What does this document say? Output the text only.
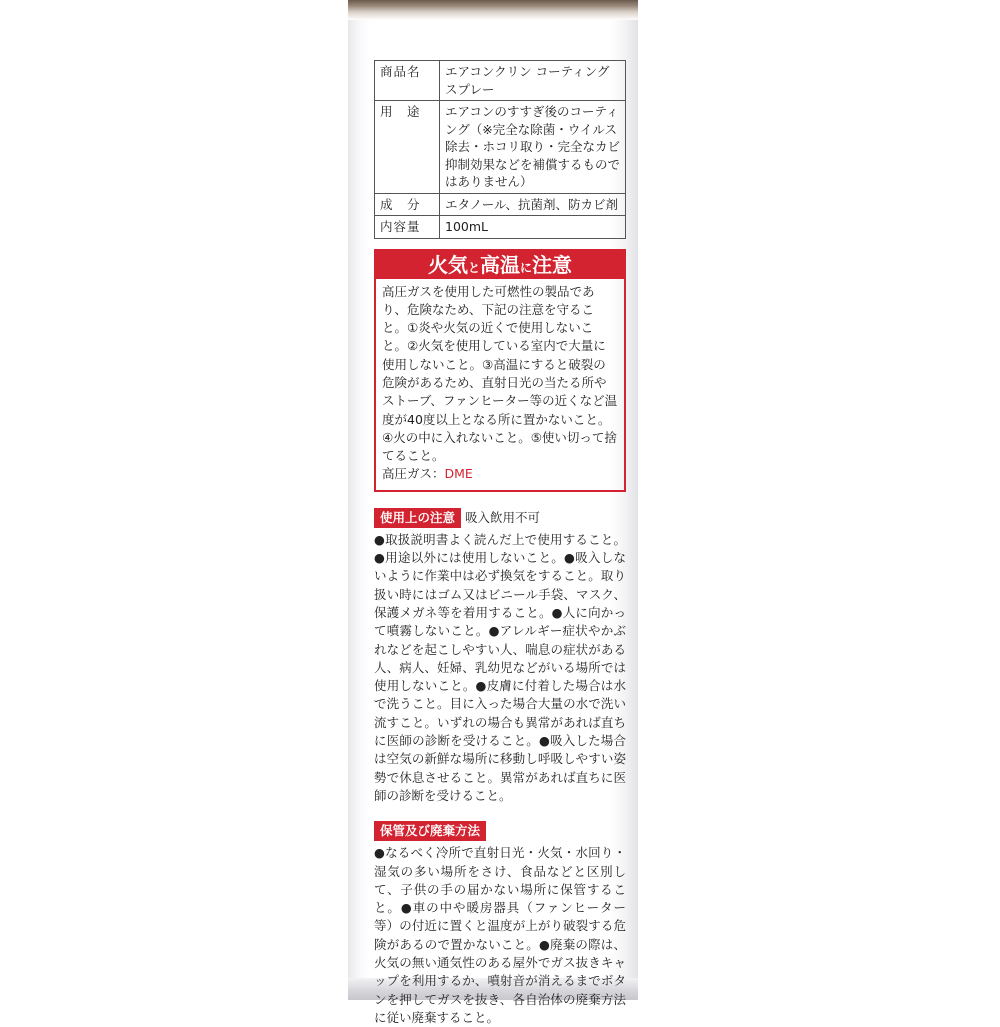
商品名	エアコンクリン コーティングスプレー
用　途	エアコンのすすぎ後のコーティング（※完全な除菌・ウイルス除去・ホコリ取り・完全なカビ抑制効果などを補償するものではありません）
成　分	エタノール、抗菌剤、防カビ剤
内容量	100mL
火気と高温に注意
高圧ガスを使用した可燃性の製品であり、危険なため、下記の注意を守ること。①炎や火気の近くで使用しないこと。②火気を使用している室内で大量に使用しないこと。③高温にすると破裂の危険があるため、直射日光の当たる所やストーブ、ファンヒーター等の近くなど温度が40度以上となる所に置かないこと。④火の中に入れないこと。⑤使い切って捨てること。
高圧ガス：DME
使用上の注意 吸入飲用不可
●取扱説明書よく読んだ上で使用すること。●用途以外には使用しないこと。●吸入しないように作業中は必ず換気をすること。取り扱い時にはゴム又はビニール手袋、マスク、保護メガネ等を着用すること。●人に向かって噴霧しないこと。●アレルギー症状やかぶれなどを起こしやすい人、喘息の症状がある人、病人、妊婦、乳幼児などがいる場所では使用しないこと。●皮膚に付着した場合は水で洗うこと。目に入った場合大量の水で洗い流すこと。いずれの場合も異常があれば直ちに医師の診断を受けること。●吸入した場合は空気の新鮮な場所に移動し呼吸しやすい姿勢で休息させること。異常があれば直ちに医師の診断を受けること。
保管及び廃棄方法
●なるべく冷所で直射日光・火気・水回り・湿気の多い場所をさけ、食品などと区別して、子供の手の届かない場所に保管すること。●車の中や暖房器具（ファンヒーター等）の付近に置くと温度が上がり破裂する危険があるので置かないこと。●廃棄の際は、火気の無い通気性のある屋外でガス抜きキャップを利用するか、噴射音が消えるまでボタンを押してガスを抜き、各自治体の廃棄方法に従い廃棄すること。
